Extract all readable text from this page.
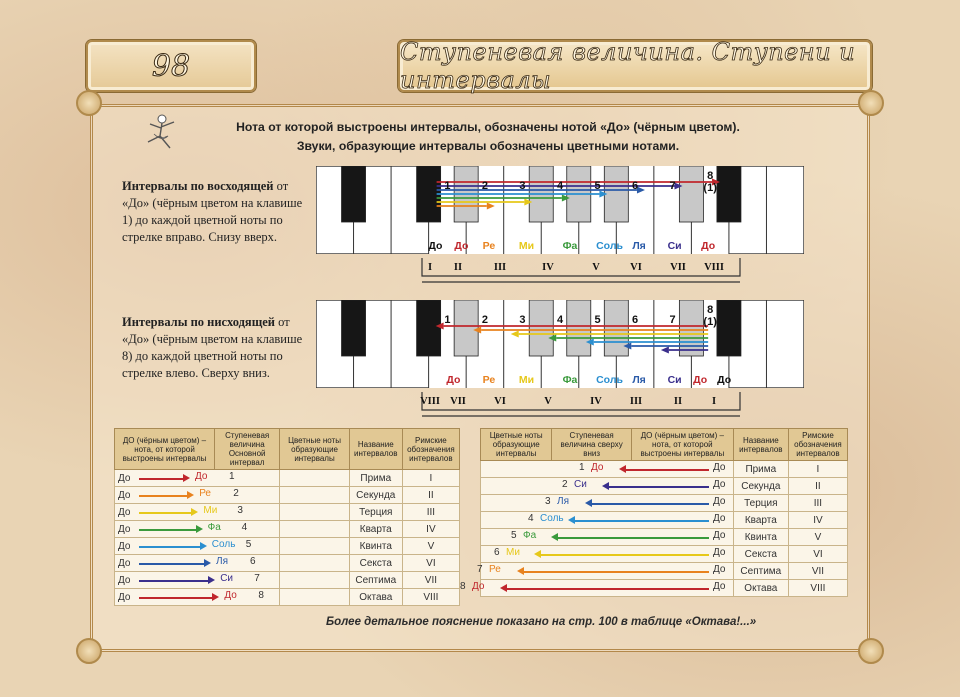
98	Ступеневая величина. Ступени и интервалы
Нота от которой выстроены интервалы, обозначены нотой «До» (чёрным цветом).
Звуки, образующие интервалы обозначены цветными нотами.
Интервалы по восходящей от «До» (чёрным цветом на клавише 1) до каждой цветной ноты по стрелке вправо. Снизу вверх.
1	2	3	4	5	6	7
8
(1)
До До Ре Ми	Фа Соль Ля Си До
I II	III	IV	V	VI	VII VIII
Интервалы по нисходящей от «До» (чёрным цветом на клавише 8) до каждой цветной ноты по стрелке влево. Сверху вниз.
1	2	3	4	5	6	7
8
(1)
До Ре Ми	Фа Соль Ля Си До До
VIII VII	VI	V	IV	III	II	I
ДО (чёрным цветом) – нота, от которой выстроены интервалы	Ступеневая величина Основной интервал	Цветные ноты образующие интервалы	Название интервалов	Римские обозначения интервалов
До До 1			Прима	I
До Ре 2			Секунда	II
До Ми 3			Терция	III
До Фа 4			Кварта	IV
До Соль 5			Квинта	V
До Ля 6			Секста	VI
До Си 7			Септима	VII
До До 8			Октава	VIII
Цветные ноты образующие интервалы	Ступеневая величина сверху вниз	ДО (чёрным цветом) – нота, от которой выстроены интервалы	Название интервалов	Римские обозначения интервалов

1 До До			Прима	I

2 Си До			Секунда	II

3 Ля До			Терция	III

4 Соль До			Кварта	IV

5 Фа До			Квинта	V

6 Ми До			Секста	VI

7 Ре До			Септима	VII

8 До До			Октава	VIII
Более детальное пояснение показано на стр. 100 в таблице «Октава!...»
